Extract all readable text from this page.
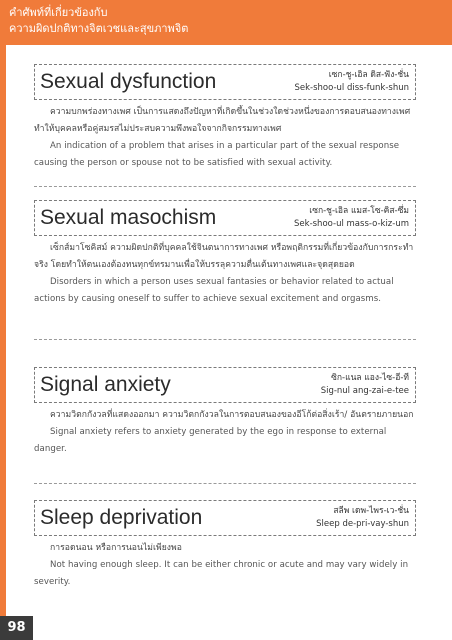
คำศัพท์ที่เกี่ยวข้องกับ
ความผิดปกติทางจิตเวชและสุขภาพจิต
Sexual dysfunction	เซก-ชู-เอิล ดิส-ฟัง-ชั่น
Sek-shoo-ul diss-funk-shun

ความบกพร่องทางเพศ เป็นการแสดงถึงปัญหาที่เกิดขึ้นในช่วงใดช่วงหนึ่งของการตอบสนองทางเพศ ทำให้บุคคลหรือคู่สมรสไม่ประสบความพึงพอใจจากกิจกรรมทางเพศ

An indication of a problem that arises in a particular part of the sexual response causing the person or spouse not to be satisfied with sexual activity.

Sexual masochism	เซก-ชู-เอิล แมส-โซ-คิส-ซึ่ม
Sek-shoo-ul mass-o-kiz-um

เซ็กส์มาโซคิสม์ ความผิดปกติที่บุคคลใช้จินตนาการทางเพศ หรือพฤติกรรมที่เกี่ยวข้องกับการกระทำจริง โดยทำให้ตนเองต้องทนทุกข์ทรมานเพื่อให้บรรลุความตื่นเต้นทางเพศและจุดสุดยอด

Disorders in which a person uses sexual fantasies or behavior related to actual actions by causing oneself to suffer to achieve sexual excitement and orgasms.

Signal anxiety	ซิก-แนล แอง-ไซ-อี-ที
Sig-nul ang-zai-e-tee

ความวิตกกังวลที่แสดงออกมา ความวิตกกังวลในการตอบสนองของอีโก้ต่อสิ่งเร้า/ อันตรายภายนอก

Signal anxiety refers to anxiety generated by the ego in response to external danger.

Sleep deprivation	สลีพ เดพ-ไพร-เว-ชั่น
Sleep de-pri-vay-shun

การอดนอน หรือการนอนไม่เพียงพอ

Not having enough sleep. It can be either chronic or acute and may vary widely in severity.

98
